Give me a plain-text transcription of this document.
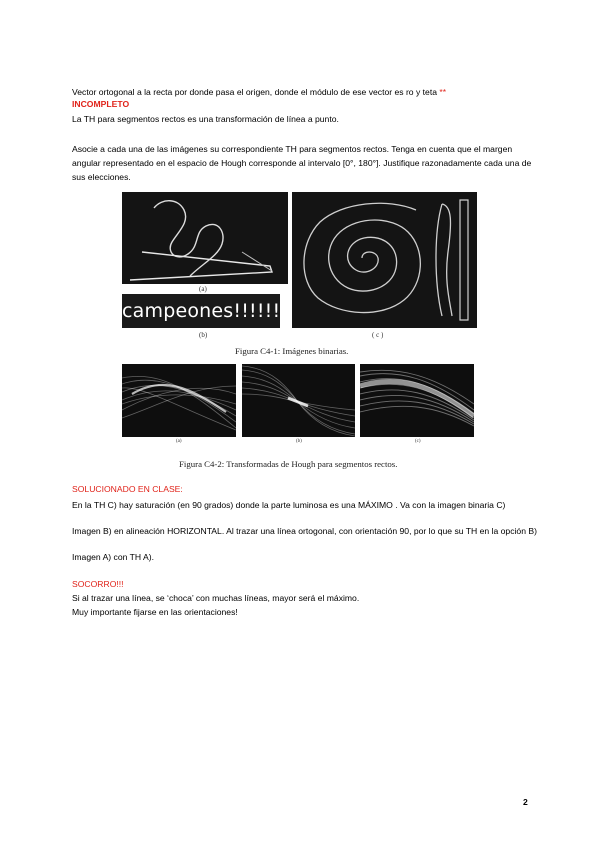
Vector ortogonal a la recta por donde pasa el origen, donde el módulo de ese vector es ro y teta **
INCOMPLETO
La TH para segmentos rectos es una transformación de línea a punto.
Asocie a cada una de las imágenes su correspondiente TH para segmentos rectos. Tenga en cuenta que el margen angular representado en el espacio de Hough corresponde al intervalo [0°, 180°]. Justifique razonadamente cada una de sus elecciones.
(a)
campeones!!!!!!
(b)	( c )
Figura C4-1: Imágenes binarias.
(a)	(b)	(c)
Figura C4-2: Transformadas de Hough para segmentos rectos.
SOLUCIONADO EN CLASE:
En la TH C) hay saturación (en 90 grados) donde la parte luminosa es una MÁXIMO . Va con la imagen binaria C)
Imagen B) en alineación HORIZONTAL. Al trazar una línea ortogonal, con orientación 90, por lo que su TH en la opción B)
Imagen A) con TH A).
SOCORRO!!!
Si al trazar una línea, se ‘choca’ con muchas líneas, mayor será el máximo.
Muy importante fijarse en las orientaciones!
2
